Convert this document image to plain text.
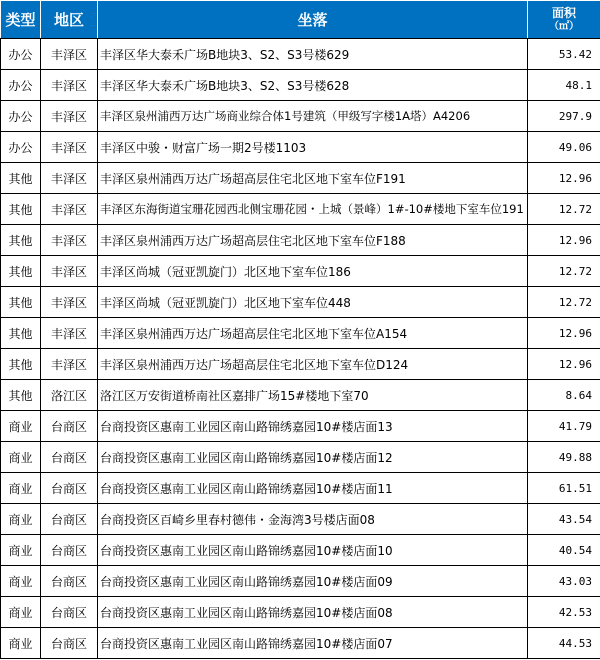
类型	地区	坐落	面积
（㎡）

办公	丰泽区	丰泽区华大泰禾广场B地块3、S2、S3号楼629	53.42
办公	丰泽区	丰泽区华大泰禾广场B地块3、S2、S3号楼628	48.1
办公	丰泽区	丰泽区泉州浦西万达广场商业综合体1号建筑（甲级写字楼1A塔）A4206	297.9
办公	丰泽区	丰泽区中骏・财富广场一期2号楼1103	49.06
其他	丰泽区	丰泽区泉州浦西万达广场超高层住宅北区地下室车位F191	12.96
其他	丰泽区	丰泽区东海街道宝珊花园西北侧宝珊花园・上城（景峰）1#-10#楼地下室车位191	12.72
其他	丰泽区	丰泽区泉州浦西万达广场超高层住宅北区地下室车位F188	12.96
其他	丰泽区	丰泽区尚城（冠亚凯旋门）北区地下室车位186	12.72
其他	丰泽区	丰泽区尚城（冠亚凯旋门）北区地下室车位448	12.72
其他	丰泽区	丰泽区泉州浦西万达广场超高层住宅北区地下室车位A154	12.96
其他	丰泽区	丰泽区泉州浦西万达广场超高层住宅北区地下室车位D124	12.96
其他	洛江区	洛江区万安街道桥南社区嘉排广场15#楼地下室70	8.64
商业	台商区	台商投资区惠南工业园区南山路锦绣嘉园10#楼店面13	41.79
商业	台商区	台商投资区惠南工业园区南山路锦绣嘉园10#楼店面12	49.88
商业	台商区	台商投资区惠南工业园区南山路锦绣嘉园10#楼店面11	61.51
商业	台商区	台商投资区百崎乡里春村德伟・金海湾3号楼店面08	43.54
商业	台商区	台商投资区惠南工业园区南山路锦绣嘉园10#楼店面10	40.54
商业	台商区	台商投资区惠南工业园区南山路锦绣嘉园10#楼店面09	43.03
商业	台商区	台商投资区惠南工业园区南山路锦绣嘉园10#楼店面08	42.53
商业	台商区	台商投资区惠南工业园区南山路锦绣嘉园10#楼店面07	44.53
